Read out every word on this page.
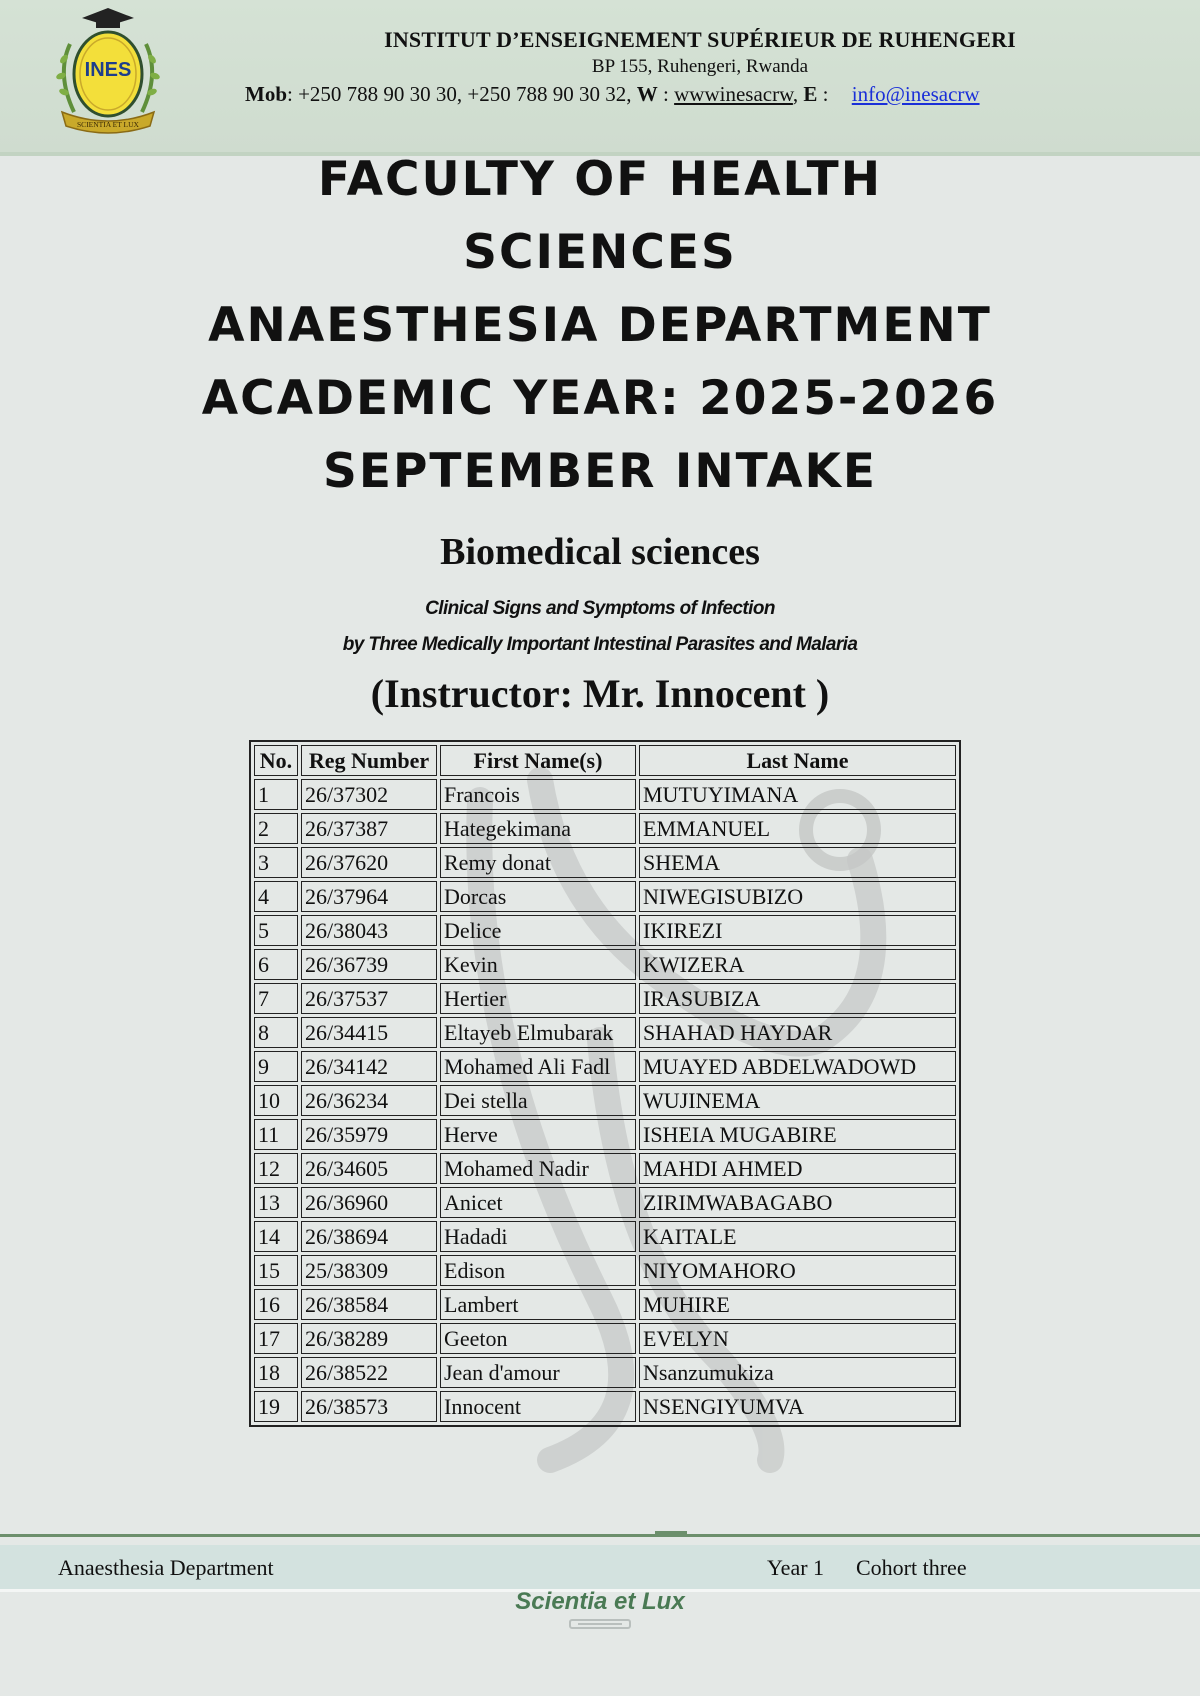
INES
SCIENTIA ET LUX
INSTITUT D’ENSEIGNEMENT SUPÉRIEUR DE RUHENGERI
BP 155, Ruhengeri, Rwanda
Mob: +250 788 90 30 30, +250 788 90 30 32, W : wwwinesacrw, E : info@inesacrw
FACULTY OF HEALTH
SCIENCES
ANAESTHESIA DEPARTMENT
ACADEMIC YEAR: 2025-2026
SEPTEMBER INTAKE
Biomedical sciences
Clinical Signs and Symptoms of Infection
by Three Medically Important Intestinal Parasites and Malaria
(Instructor: Mr. Innocent )
No.	Reg Number	First Name(s)	Last Name
1	26/37302	Francois	MUTUYIMANA
2	26/37387	Hategekimana	EMMANUEL
3	26/37620	Remy donat	SHEMA
4	26/37964	Dorcas	NIWEGISUBIZO
5	26/38043	Delice	IKIREZI
6	26/36739	Kevin	KWIZERA
7	26/37537	Hertier	IRASUBIZA
8	26/34415	Eltayeb Elmubarak	SHAHAD HAYDAR
9	26/34142	Mohamed Ali Fadl	MUAYED ABDELWADOWD
10	26/36234	Dei stella	WUJINEMA
11	26/35979	Herve	ISHEIA MUGABIRE
12	26/34605	Mohamed Nadir	MAHDI AHMED
13	26/36960	Anicet	ZIRIMWABAGABO
14	26/38694	Hadadi	KAITALE
15	25/38309	Edison	NIYOMAHORO
16	26/38584	Lambert	MUHIRE
17	26/38289	Geeton	EVELYN
18	26/38522	Jean d'amour	Nsanzumukiza
19	26/38573	Innocent	NSENGIYUMVA
Anaesthesia Department	Year 1 Cohort three
Scientia et Lux
